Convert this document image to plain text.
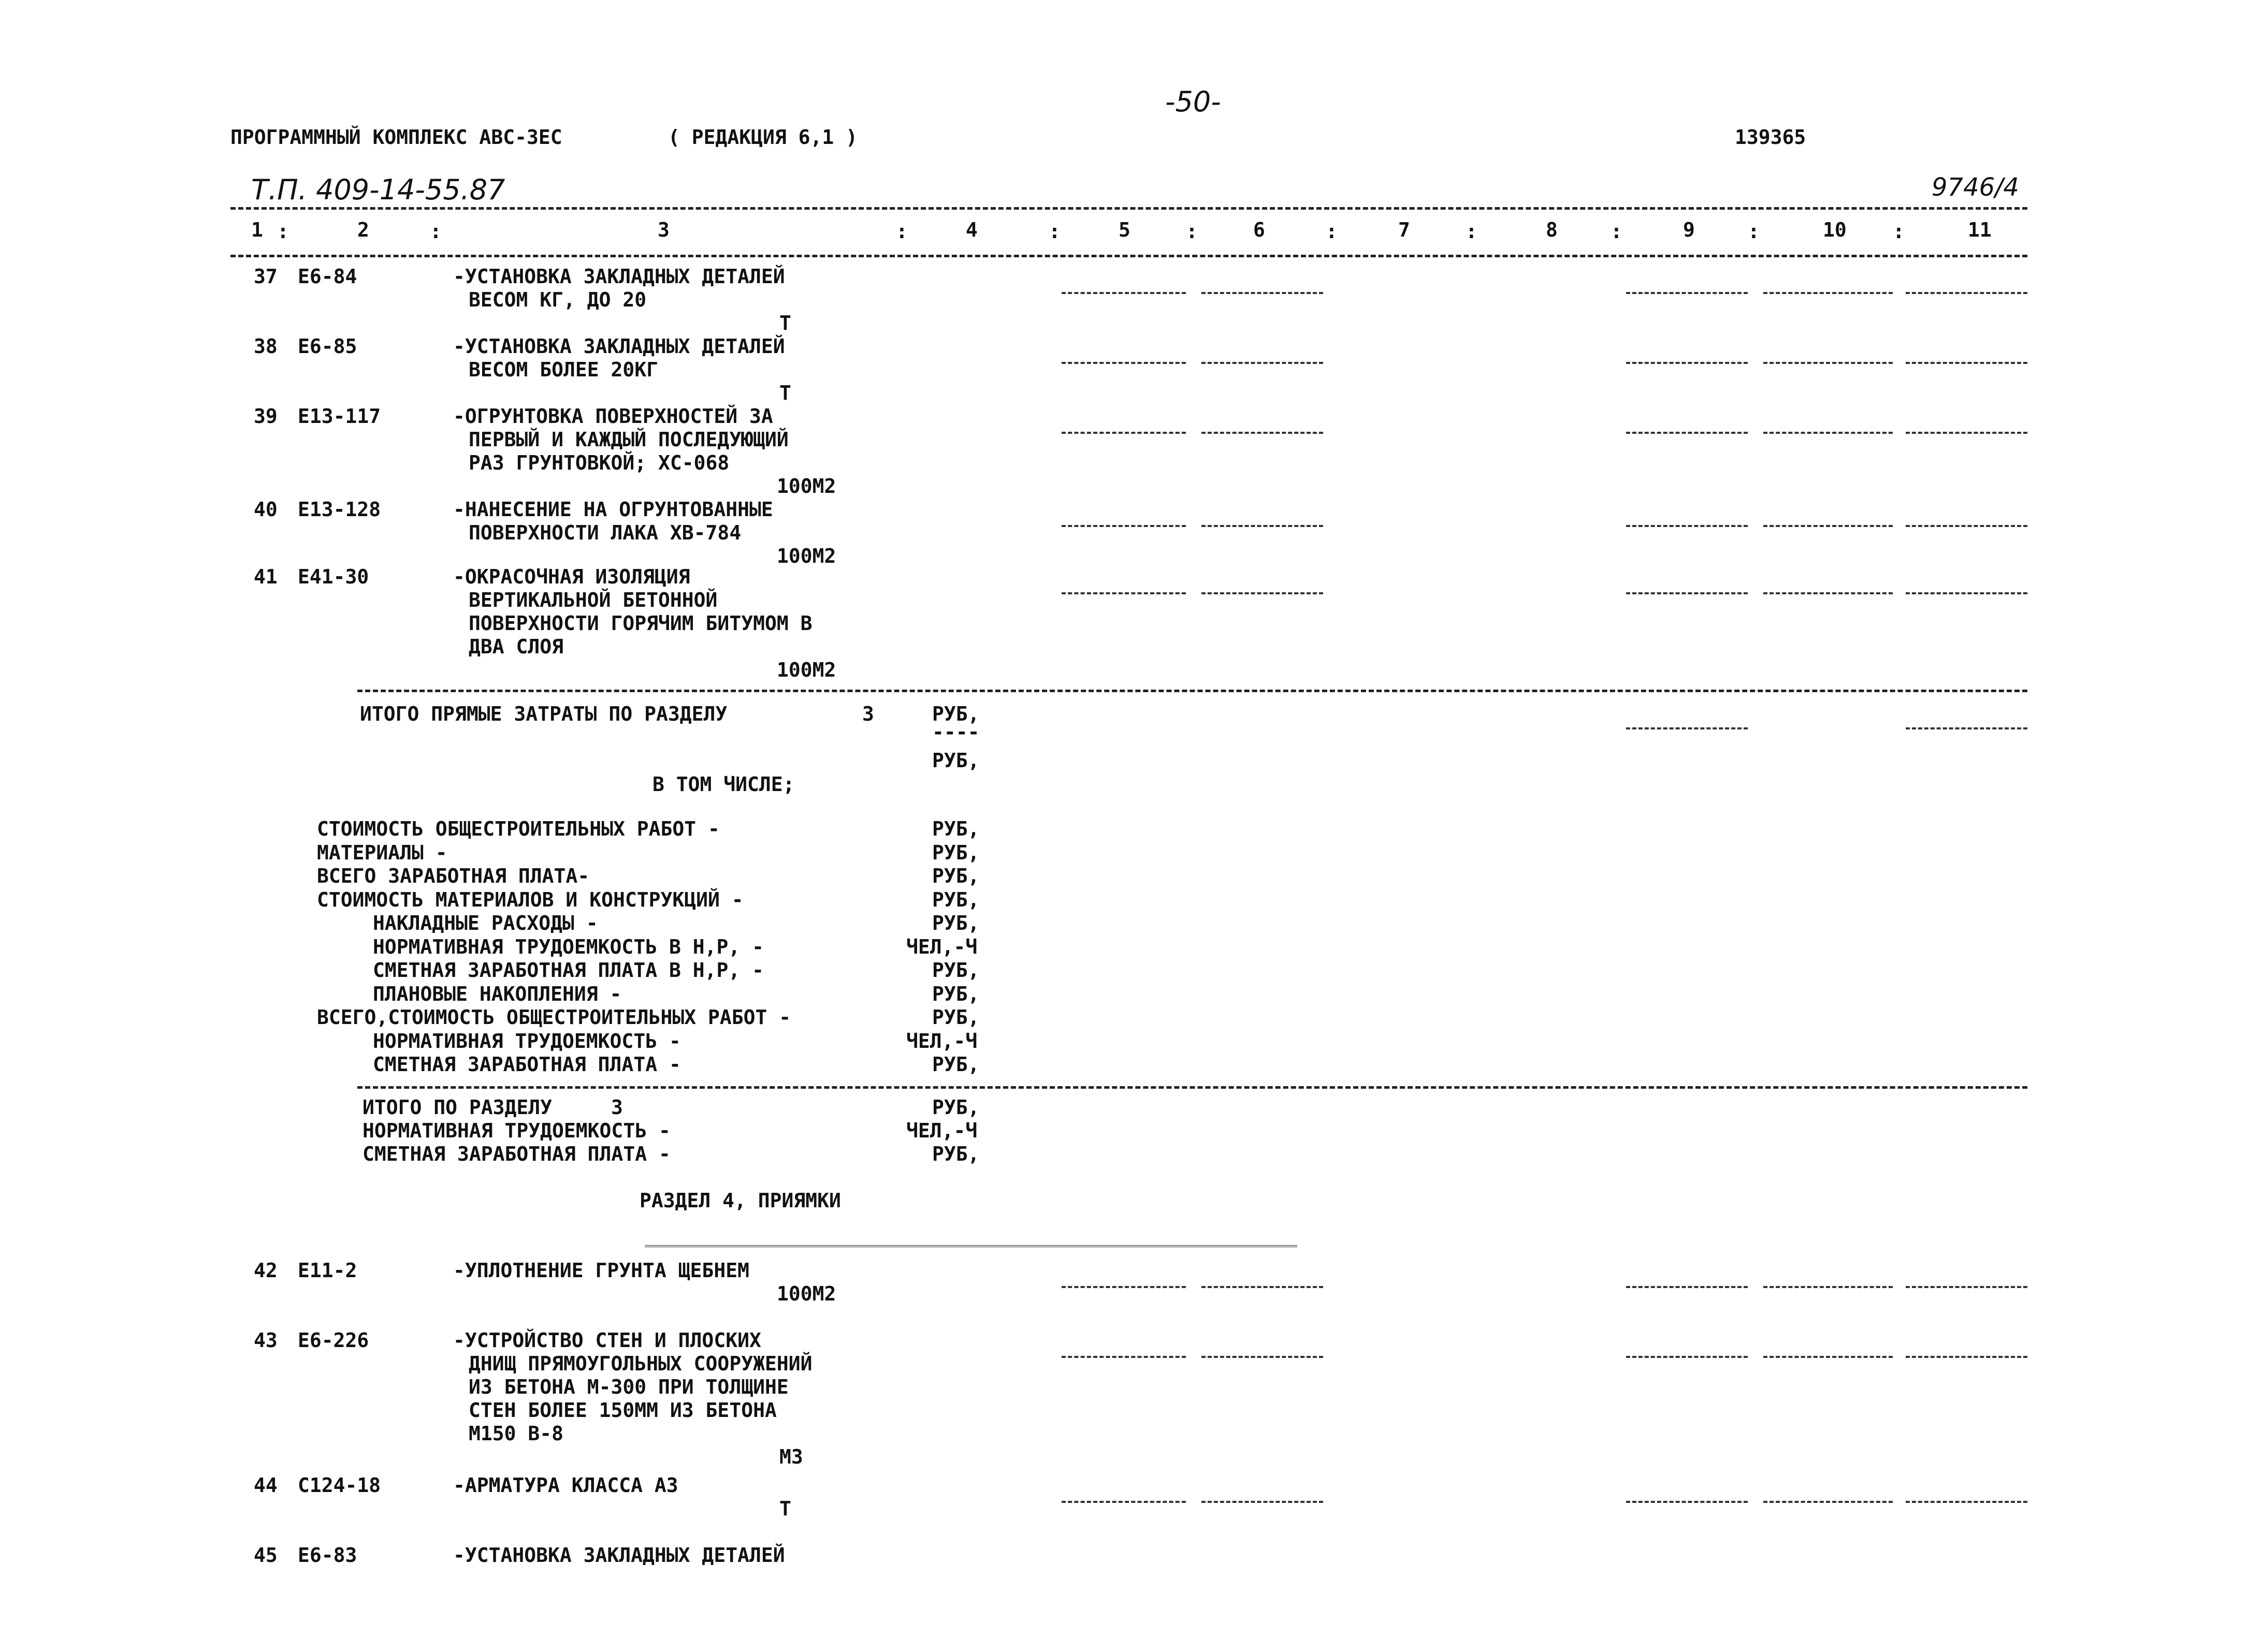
-50-
ПРОГРАММНЫЙ КОМПЛЕКС АВС-3ЕС	( РЕДАКЦИЯ 6,1 )	139365
Т.П. 409-14-55.87	9746/4
1	2	3	4	5	6	7	8	9	10	11
:	:	:	:	:	:	:	:	:	:
37 Е6-84	-УСТАНОВКА ЗАКЛАДНЫХ ДЕТАЛЕЙ
ВЕСОМ КГ, ДО 20
Т
38 Е6-85	-УСТАНОВКА ЗАКЛАДНЫХ ДЕТАЛЕЙ
ВЕСОМ БОЛЕЕ 20КГ
Т
39 Е13-117	-ОГРУНТОВКА ПОВЕРХНОСТЕЙ ЗА
ПЕРВЫЙ И КАЖДЫЙ ПОСЛЕДУЮЩИЙ
РАЗ ГРУНТОВКОЙ; ХС-068
100М2
40 Е13-128	-НАНЕСЕНИЕ НА ОГРУНТОВАННЫЕ
ПОВЕРХНОСТИ ЛАКА ХВ-784
100М2
41 Е41-30	-ОКРАСОЧНАЯ ИЗОЛЯЦИЯ
ВЕРТИКАЛЬНОЙ БЕТОННОЙ
ПОВЕРХНОСТИ ГОРЯЧИМ БИТУМОМ В
ДВА СЛОЯ
100М2
ИТОГО ПРЯМЫЕ ЗАТРАТЫ ПО РАЗДЕЛУ	3	РУБ,
----
РУБ,
В ТОМ ЧИСЛЕ;
СТОИМОСТЬ ОБЩЕСТРОИТЕЛЬНЫХ РАБОТ -	РУБ,
МАТЕРИАЛЫ -	РУБ,
ВСЕГО ЗАРАБОТНАЯ ПЛАТА-	РУБ,
СТОИМОСТЬ МАТЕРИАЛОВ И КОНСТРУКЦИЙ -	РУБ,
НАКЛАДНЫЕ РАСХОДЫ -	РУБ,
НОРМАТИВНАЯ ТРУДОЕМКОСТЬ В Н,Р, -	ЧЕЛ,-Ч
СМЕТНАЯ ЗАРАБОТНАЯ ПЛАТА В Н,Р, -	РУБ,
ПЛАНОВЫЕ НАКОПЛЕНИЯ -	РУБ,
ВСЕГО,СТОИМОСТЬ ОБЩЕСТРОИТЕЛЬНЫХ РАБОТ -	РУБ,
НОРМАТИВНАЯ ТРУДОЕМКОСТЬ -	ЧЕЛ,-Ч
СМЕТНАЯ ЗАРАБОТНАЯ ПЛАТА -	РУБ,
ИТОГО ПО РАЗДЕЛУ	3	РУБ,
НОРМАТИВНАЯ ТРУДОЕМКОСТЬ -	ЧЕЛ,-Ч
СМЕТНАЯ ЗАРАБОТНАЯ ПЛАТА -	РУБ,
РАЗДЕЛ 4, ПРИЯМКИ
42 Е11-2	-УПЛОТНЕНИЕ ГРУНТА ЩЕБНЕМ
100М2
43 Е6-226	-УСТРОЙСТВО СТЕН И ПЛОСКИХ
ДНИЩ ПРЯМОУГОЛЬНЫХ СООРУЖЕНИЙ
ИЗ БЕТОНА М-300 ПРИ ТОЛЩИНЕ
СТЕН БОЛЕЕ 150ММ ИЗ БЕТОНА
М150 В-8
М3
44 С124-18	-АРМАТУРА КЛАССА А3
Т
45 Е6-83	-УСТАНОВКА ЗАКЛАДНЫХ ДЕТАЛЕЙ
